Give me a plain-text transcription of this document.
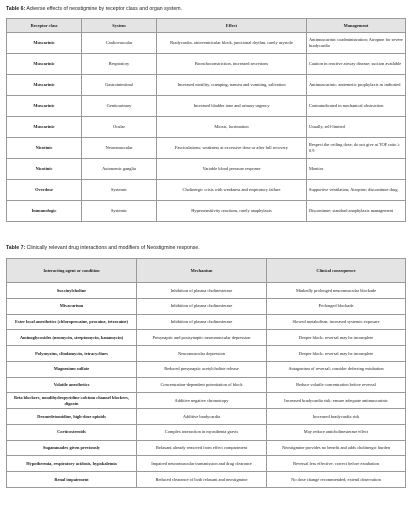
Table 6: Adverse effects of neostigmine by receptor class and organ system.

Receptor class	System	Effect	Management
Muscarinic	Cardiovascular	Bradycardia, atrioventricular block, junctional rhythm, rarely asystole	Antimuscarinic coadministration; Atropine for severe bradycardia
Muscarinic	Respiratory	Bronchoconstriction, increased secretions	Caution in reactive airway disease; suction available
Muscarinic	Gastrointestinal	Increased motility, cramping, nausea and vomiting, salivation	Antimuscarinic; antiemetic prophylaxis as indicated
Muscarinic	Genitourinary	Increased bladder tone and urinary urgency	Contraindicated in mechanical obstruction
Muscarinic	Ocular	Miosis, lacrimation	Usually, self-limited
Nicotinic	Neuromuscular	Fasciculations; weakness at excessive dose or after full recovery	Respect the ceiling dose; do not give at TOF ratio ≥ 0.9
Nicotinic	Autonomic ganglia	Variable blood pressure response	Monitor
Overdose	Systemic	Cholinergic crisis with weakness and respiratory failure	Supportive ventilation; Atropine; discontinue drug
Immunologic	Systemic	Hypersensitivity reactions, rarely anaphylaxis	Discontinue; standard anaphylaxis management

Table 7: Clinically relevant drug interactions and modifiers of Neostigmine response.

Interacting agent or condition	Mechanism	Clinical consequence
Succinylcholine	Inhibition of plasma cholinesterase	Markedly prolonged neuromuscular blockade
Mivacurium	Inhibition of plasma cholinesterase	Prolonged blockade
Ester local anesthetics (chloroprocaine, procaine, tetracaine)	Inhibition of plasma cholinesterase	Slowed metabolism; increased systemic exposure
Aminoglycosides (neomycin, streptomycin, kanamycin)	Presynaptic and postsynaptic neuromuscular depression	Deeper block; reversal may be incomplete
Polymyxins, clindamycin, tetracyclines	Neuromuscular depression	Deeper block; reversal may be incomplete
Magnesium sulfate	Reduced presynaptic acetylcholine release	Antagonism of reversal; consider deferring extubation
Volatile anesthetics	Concentration-dependent potentiation of block	Reduce volatile concentration before reversal
Beta blockers, nondihydropyridine calcium channel blockers, digoxin	Additive negative chronotropy	Increased bradycardia risk; ensure adequate antimuscarinic
Dexmedetomidine, high-dose opioids	Additive bradycardia	Increased bradycardia risk
Corticosteroids	Complex interaction in myasthenia gravis	May reduce anticholinesterase effect
Sugammadex given previously	Relaxant already removed from effect compartment	Neostigmine provides no benefit and adds cholinergic burden
Hypothermia, respiratory acidosis, hypokalemia	Impaired neuromuscular transmission and drug clearance	Reversal less effective; correct before extubation
Renal impairment	Reduced clearance of both relaxant and neostigmine	No dose change recommended; extend observation
